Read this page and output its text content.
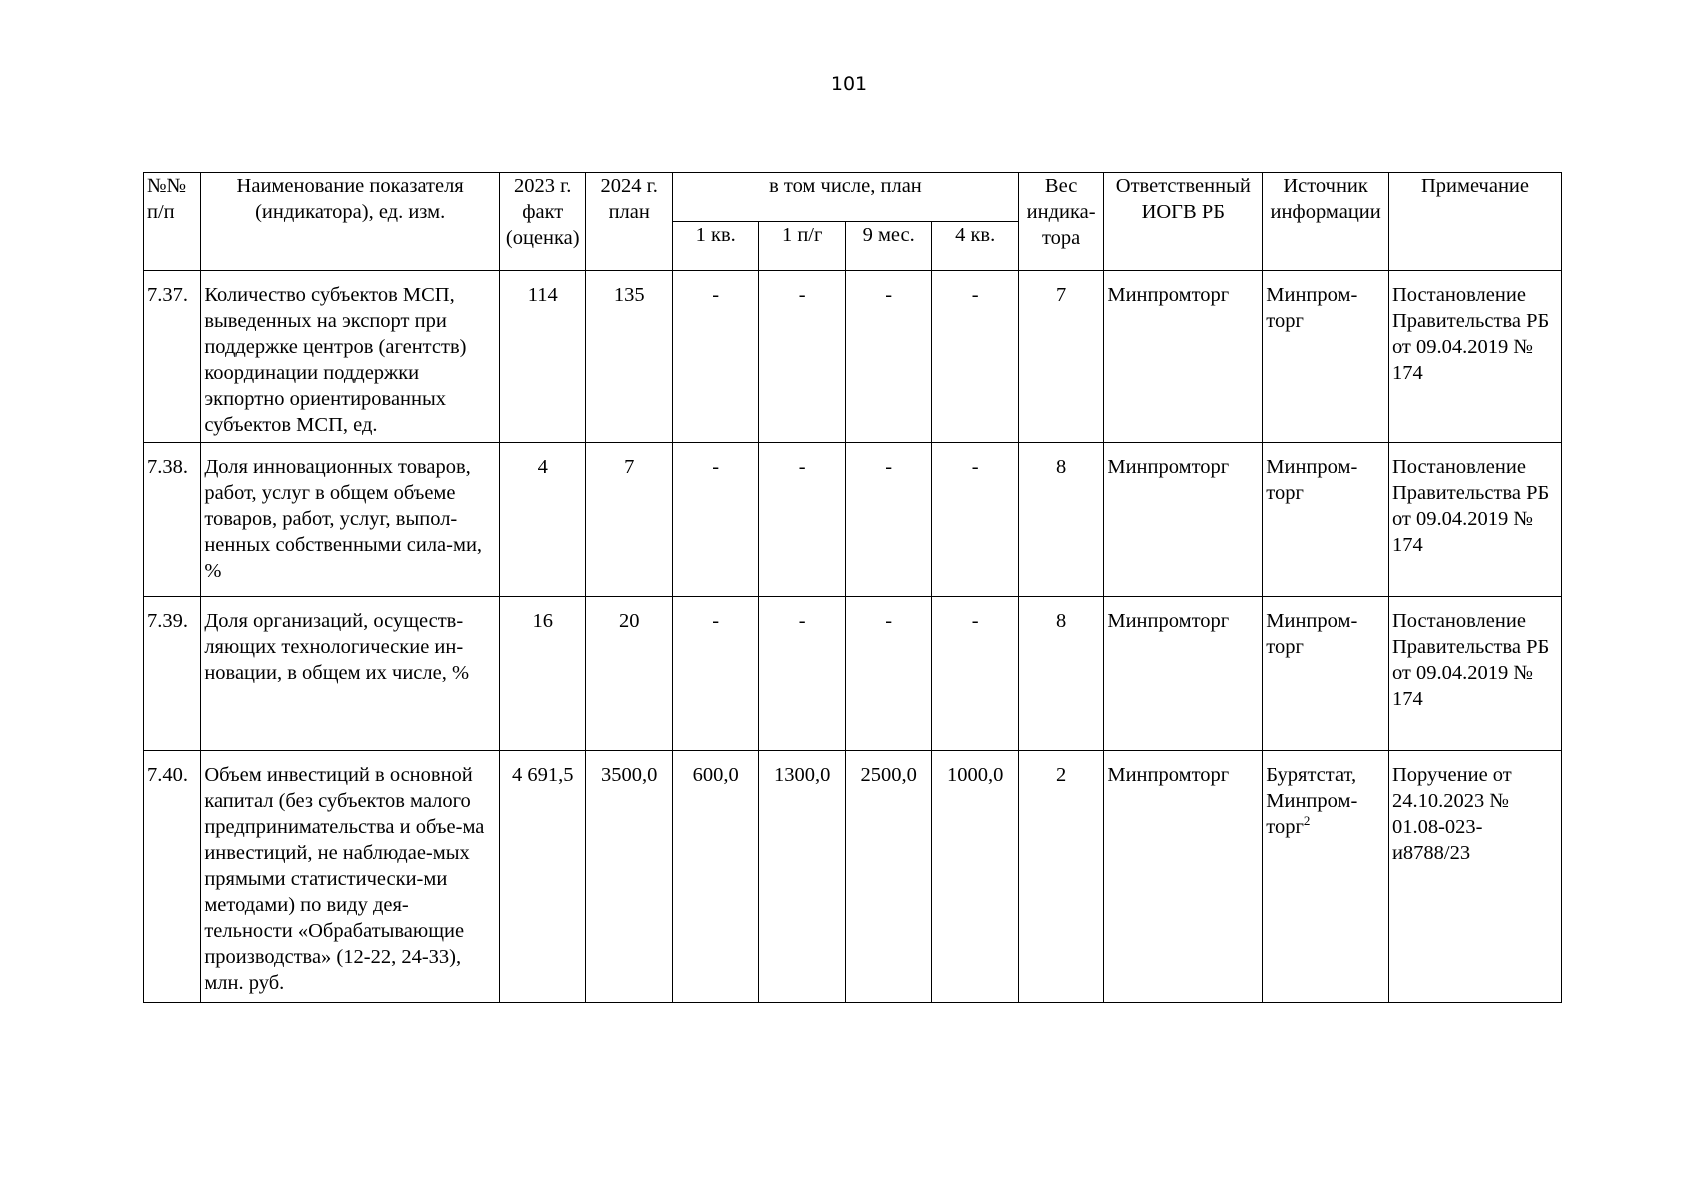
101
№№ п/п	Наименование показателя (индикатора), ед. изм.	2023 г. факт (оценка)	2024 г. план	в том числе, план				Вес индика-тора	Ответственный ИОГВ РБ	Источник информации	Примечание
				1 кв.	1 п/г	9 мес.	4 кв.				
7.37.	Количество субъектов МСП, выведенных на экспорт при поддержке центров (агентств) координации поддержки экпортно ориентированных субъектов МСП, ед.	114	135	-	-	-	-	7	Минпромторг	Минпром-торг	Постановление Правительства РБ от 09.04.2019 № 174
7.38.	Доля инновационных товаров, работ, услуг в общем объеме товаров, работ, услуг, выпол-ненных собственными сила-ми, %	4	7	-	-	-	-	8	Минпромторг	Минпром-торг	Постановление Правительства РБ от 09.04.2019 № 174
7.39.	Доля организаций, осуществ-ляющих технологические ин-новации, в общем их числе, %	16	20	-	-	-	-	8	Минпромторг	Минпром-торг	Постановление Правительства РБ от 09.04.2019 № 174
7.40.	Объем инвестиций в основной капитал (без субъектов малого предпринимательства и объе-ма инвестиций, не наблюдае-мых прямыми статистически-ми методами) по виду дея-тельности «Обрабатывающие производства» (12-22, 24-33), млн. руб.	4 691,5	3500,0	600,0	1300,0	2500,0	1000,0	2	Минпромторг	Бурятстат, Минпром-торг$^2$	Поручение от 24.10.2023 № 01.08-023-и8788/23
